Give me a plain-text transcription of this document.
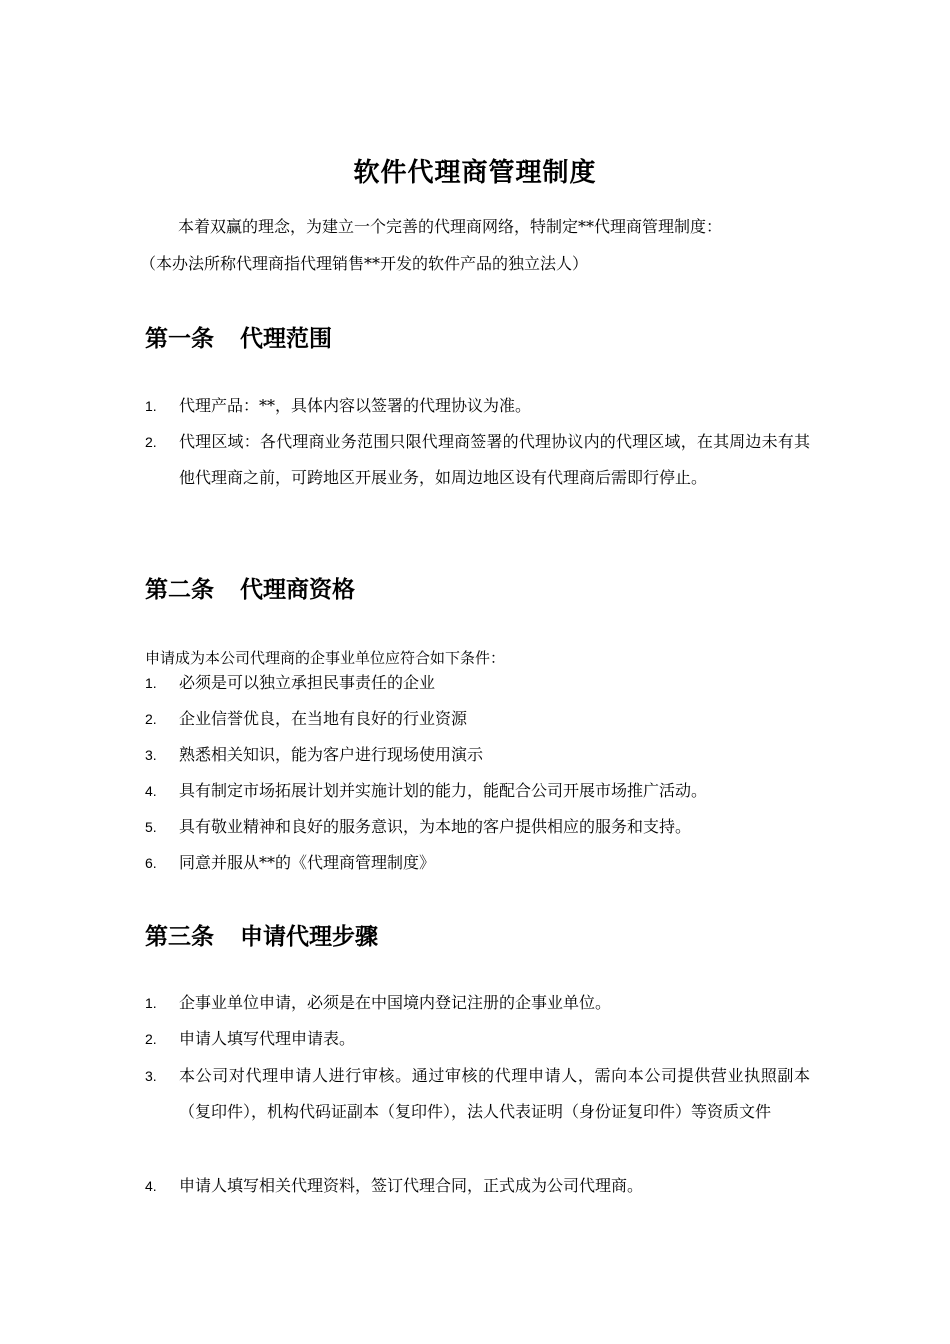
软件代理商管理制度
本着双赢的理念，为建立一个完善的代理商网络，特制定**代理商管理制度：
（本办法所称代理商指代理销售**开发的软件产品的独立法人）
第一条 代理范围
1.	代理产品：**，具体内容以签署的代理协议为准。
2.	代理区域：各代理商业务范围只限代理商签署的代理协议内的代理区域，在其周边未有其他代理商之前，可跨地区开展业务，如周边地区设有代理商后需即行停止。
第二条 代理商资格
申请成为本公司代理商的企事业单位应符合如下条件：
1.	必须是可以独立承担民事责任的企业
2.	企业信誉优良，在当地有良好的行业资源
3.	熟悉相关知识，能为客户进行现场使用演示
4.	具有制定市场拓展计划并实施计划的能力，能配合公司开展市场推广活动。
5.	具有敬业精神和良好的服务意识，为本地的客户提供相应的服务和支持。
6.	同意并服从**的《代理商管理制度》
第三条 申请代理步骤
1.	企事业单位申请，必须是在中国境内登记注册的企事业单位。
2.	申请人填写代理申请表。
3.	本公司对代理申请人进行审核。通过审核的代理申请人，需向本公司提供营业执照副本（复印件），机构代码证副本（复印件），法人代表证明（身份证复印件）等资质文件
4.	申请人填写相关代理资料，签订代理合同，正式成为公司代理商。
